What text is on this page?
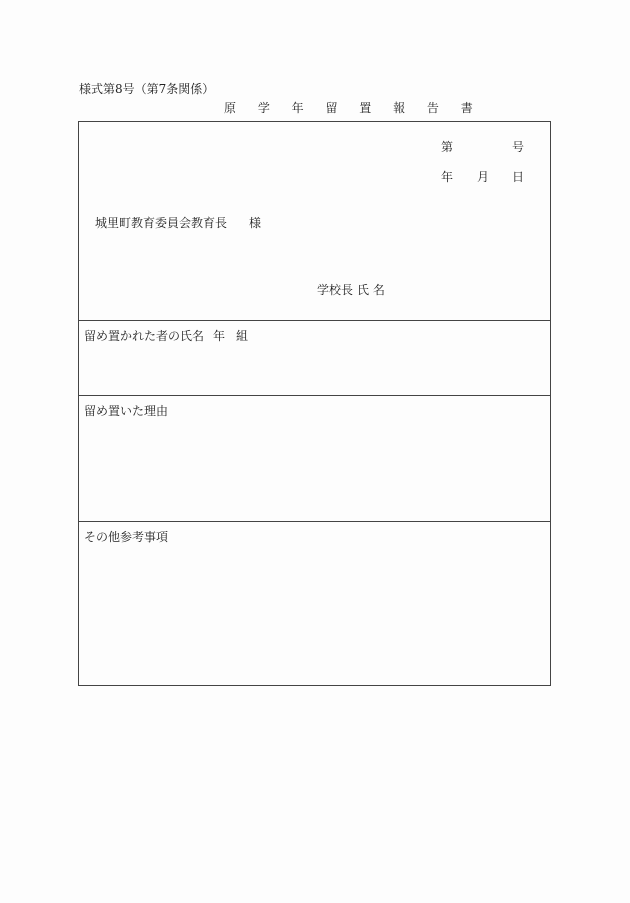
様式第8号（第7条関係）
原 学 年 留 置 報 告 書
第	号
年 月 日
城里町教育委員会教育長 様
学校長 氏 名
留め置かれた者の氏名 年 組
留め置いた理由
その他参考事項
